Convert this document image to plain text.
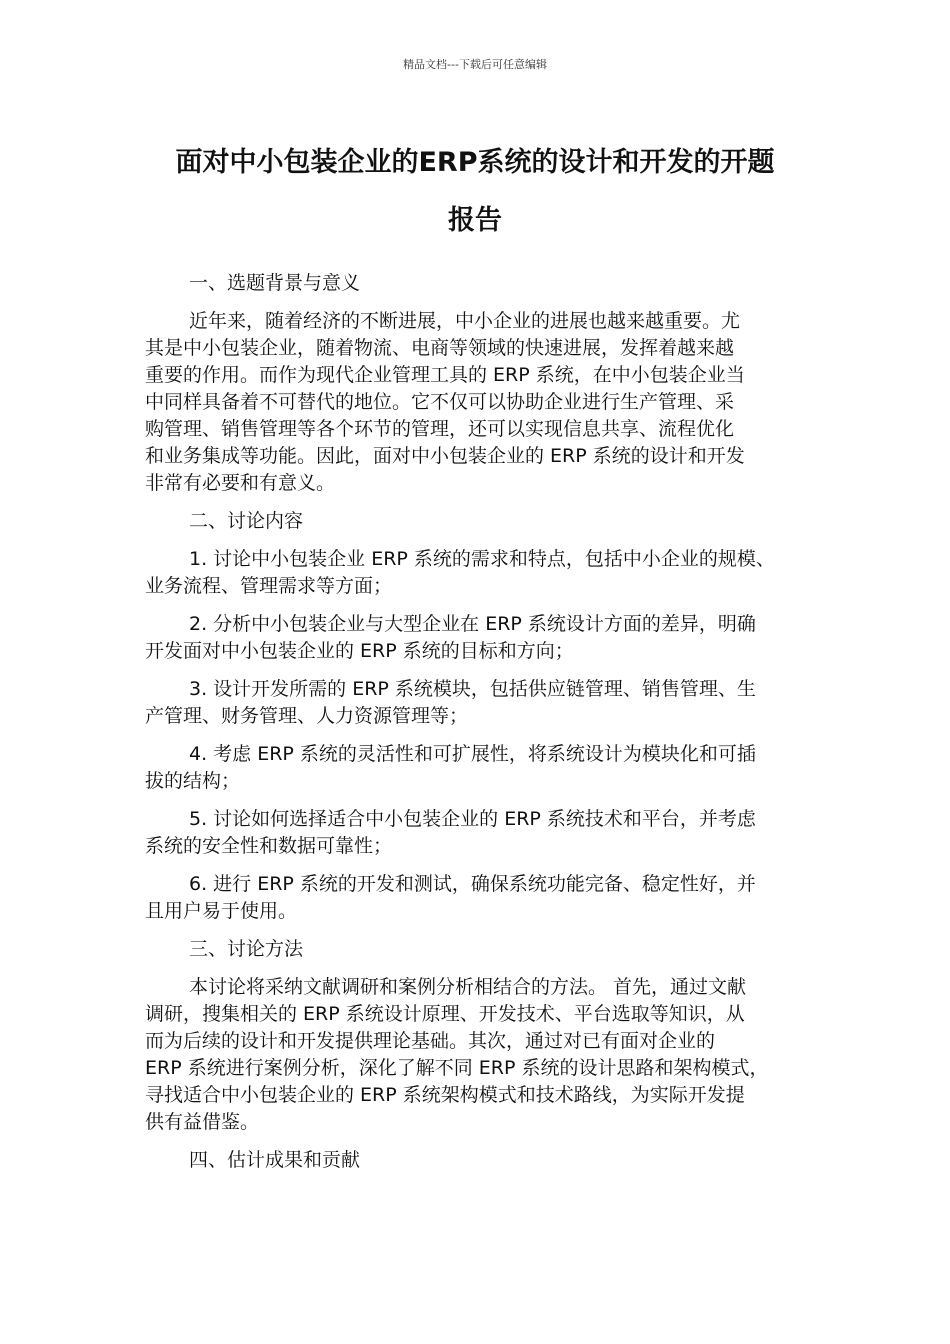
精品文档---下载后可任意编辑
面对中小包装企业的ERP系统的设计和开发的开题
报告
一、选题背景与意义
近年来，随着经济的不断进展，中小企业的进展也越来越重要。尤
其是中小包装企业，随着物流、电商等领域的快速进展，发挥着越来越
重要的作用。而作为现代企业管理工具的 ERP 系统，在中小包装企业当
中同样具备着不可替代的地位。它不仅可以协助企业进行生产管理、采
购管理、销售管理等各个环节的管理，还可以实现信息共享、流程优化
和业务集成等功能。因此，面对中小包装企业的 ERP 系统的设计和开发
非常有必要和有意义。
二、讨论内容
1. 讨论中小包装企业 ERP 系统的需求和特点，包括中小企业的规模、
业务流程、管理需求等方面；
2. 分析中小包装企业与大型企业在 ERP 系统设计方面的差异，明确
开发面对中小包装企业的 ERP 系统的目标和方向；
3. 设计开发所需的 ERP 系统模块，包括供应链管理、销售管理、生
产管理、财务管理、人力资源管理等；
4. 考虑 ERP 系统的灵活性和可扩展性，将系统设计为模块化和可插
拔的结构；
5. 讨论如何选择适合中小包装企业的 ERP 系统技术和平台，并考虑
系统的安全性和数据可靠性；
6. 进行 ERP 系统的开发和测试，确保系统功能完备、稳定性好，并
且用户易于使用。
三、讨论方法
本讨论将采纳文献调研和案例分析相结合的方法。 首先，通过文献
调研，搜集相关的 ERP 系统设计原理、开发技术、平台选取等知识，从
而为后续的设计和开发提供理论基础。其次，通过对已有面对企业的
ERP 系统进行案例分析，深化了解不同 ERP 系统的设计思路和架构模式，
寻找适合中小包装企业的 ERP 系统架构模式和技术路线，为实际开发提
供有益借鉴。
四、估计成果和贡献
